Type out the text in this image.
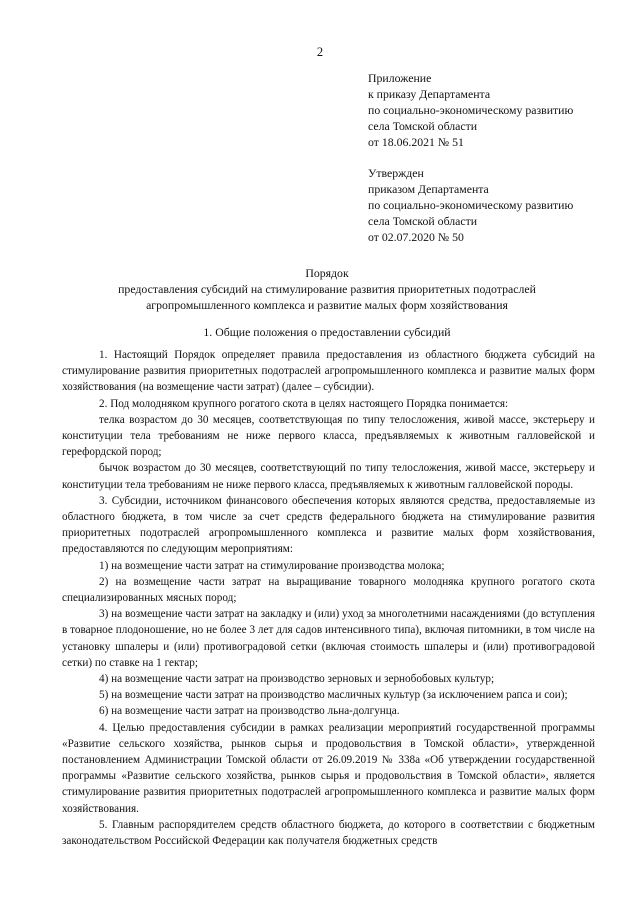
2
Приложение
к приказу Департамента
по социально-экономическому развитию
села Томской области
от 18.06.2021 № 51
Утвержден
приказом Департамента
по социально-экономическому развитию
села Томской области
от 02.07.2020 № 50
Порядок
предоставления субсидий на стимулирование развития приоритетных подотраслей
агропромышленного комплекса и развитие малых форм хозяйствования
1. Общие положения о предоставлении субсидий

1. Настоящий Порядок определяет правила предоставления из областного бюджета субсидий на стимулирование развития приоритетных подотраслей агропромышленного комплекса и развитие малых форм хозяйствования (на возмещение части затрат) (далее – субсидии).

2. Под молодняком крупного рогатого скота в целях настоящего Порядка понимается:

телка возрастом до 30 месяцев, соответствующая по типу телосложения, живой массе, экстерьеру и конституции тела требованиям не ниже первого класса, предъявляемых к животным галловейской и герефордской пород;

бычок возрастом до 30 месяцев, соответствующий по типу телосложения, живой массе, экстерьеру и конституции тела требованиям не ниже первого класса, предъявляемых к животным галловейской породы.

3. Субсидии, источником финансового обеспечения которых являются средства, предоставляемые из областного бюджета, в том числе за счет средств федерального бюджета на стимулирование развития приоритетных подотраслей агропромышленного комплекса и развитие малых форм хозяйствования, предоставляются по следующим мероприятиям:

1) на возмещение части затрат на стимулирование производства молока;

2) на возмещение части затрат на выращивание товарного молодняка крупного рогатого скота специализированных мясных пород;

3) на возмещение части затрат на закладку и (или) уход за многолетними насаждениями (до вступления в товарное плодоношение, но не более 3 лет для садов интенсивного типа), включая питомники, в том числе на установку шпалеры и (или) противоградовой сетки (включая стоимость шпалеры и (или) противоградовой сетки) по ставке на 1 гектар;

4) на возмещение части затрат на производство зерновых и зернобобовых культур;

5) на возмещение части затрат на производство масличных культур (за исключением рапса и сои);

6) на возмещение части затрат на производство льна-долгунца.

4. Целью предоставления субсидии в рамках реализации мероприятий государственной программы «Развитие сельского хозяйства, рынков сырья и продовольствия в Томской области», утвержденной постановлением Администрации Томской области от 26.09.2019 № 338а «Об утверждении государственной программы «Развитие сельского хозяйства, рынков сырья и продовольствия в Томской области», является стимулирование развития приоритетных подотраслей агропромышленного комплекса и развитие малых форм хозяйствования.

5. Главным распорядителем средств областного бюджета, до которого в соответствии с бюджетным законодательством Российской Федерации как получателя бюджетных средств
